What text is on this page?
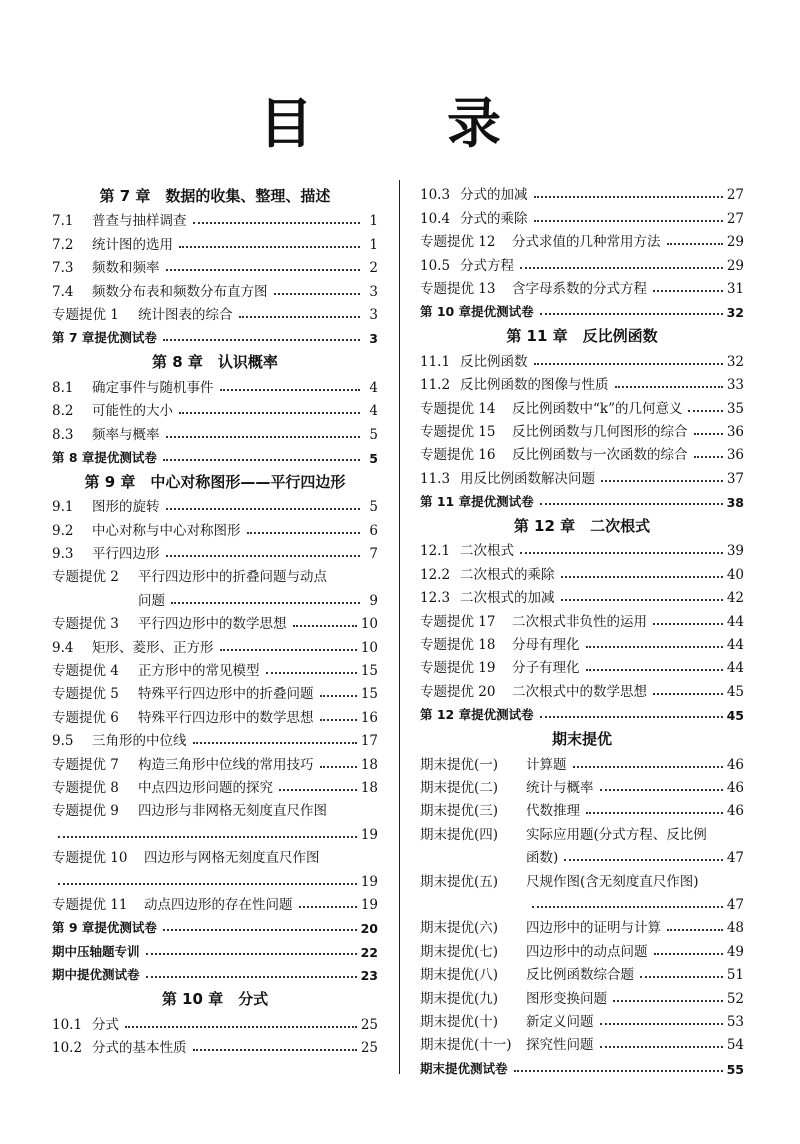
目　录
第 7 章　数据的收集、整理、描述
7.1	普查与抽样调查	1
7.2	统计图的选用	1
7.3	频数和频率	2
7.4	频数分布表和频数分布直方图	3
专题提优 1	统计图表的综合	3
第 7 章提优测试卷	3
第 8 章　认识概率
8.1	确定事件与随机事件	4
8.2	可能性的大小	4
8.3	频率与概率	5
第 8 章提优测试卷	5
第 9 章　中心对称图形——平行四边形
9.1	图形的旋转	5
9.2	中心对称与中心对称图形	6
9.3	平行四边形	7
专题提优 2	平行四边形中的折叠问题与动点
问题	9
专题提优 3	平行四边形中的数学思想	10
9.4	矩形、菱形、正方形	10
专题提优 4	正方形中的常见模型	15
专题提优 5	特殊平行四边形中的折叠问题	15
专题提优 6	特殊平行四边形中的数学思想	16
9.5	三角形的中位线	17
专题提优 7	构造三角形中位线的常用技巧	18
专题提优 8	中点四边形问题的探究	18
专题提优 9	四边形与非网格无刻度直尺作图
19
专题提优 10	四边形与网格无刻度直尺作图
19
专题提优 11	动点四边形的存在性问题	19
第 9 章提优测试卷	20
期中压轴题专训	22
期中提优测试卷	23
第 10 章　分式
10.1 分式	25
10.2 分式的基本性质	25
10.3 分式的加减	27
10.4 分式的乘除	27
专题提优 12	分式求值的几种常用方法	29
10.5 分式方程	29
专题提优 13	含字母系数的分式方程	31
第 10 章提优测试卷	32
第 11 章　反比例函数
11.1 反比例函数	32
11.2 反比例函数的图像与性质	33
专题提优 14	反比例函数中“k”的几何意义	35
专题提优 15	反比例函数与几何图形的综合	36
专题提优 16	反比例函数与一次函数的综合	36
11.3 用反比例函数解决问题	37
第 11 章提优测试卷	38
第 12 章　二次根式
12.1 二次根式	39
12.2 二次根式的乘除	40
12.3 二次根式的加减	42
专题提优 17	二次根式非负性的运用	44
专题提优 18	分母有理化	44
专题提优 19	分子有理化	44
专题提优 20	二次根式中的数学思想	45
第 12 章提优测试卷	45
期末提优
期末提优(一)	计算题	46
期末提优(二)	统计与概率	46
期末提优(三)	代数推理	46
期末提优(四)	实际应用题(分式方程、反比例
函数)	47
期末提优(五)	尺规作图(含无刻度直尺作图)
47
期末提优(六)	四边形中的证明与计算	48
期末提优(七)	四边形中的动点问题	49
期末提优(八)	反比例函数综合题	51
期末提优(九)	图形变换问题	52
期末提优(十)	新定义问题	53
期末提优(十一)	探究性问题	54
期末提优测试卷	55
